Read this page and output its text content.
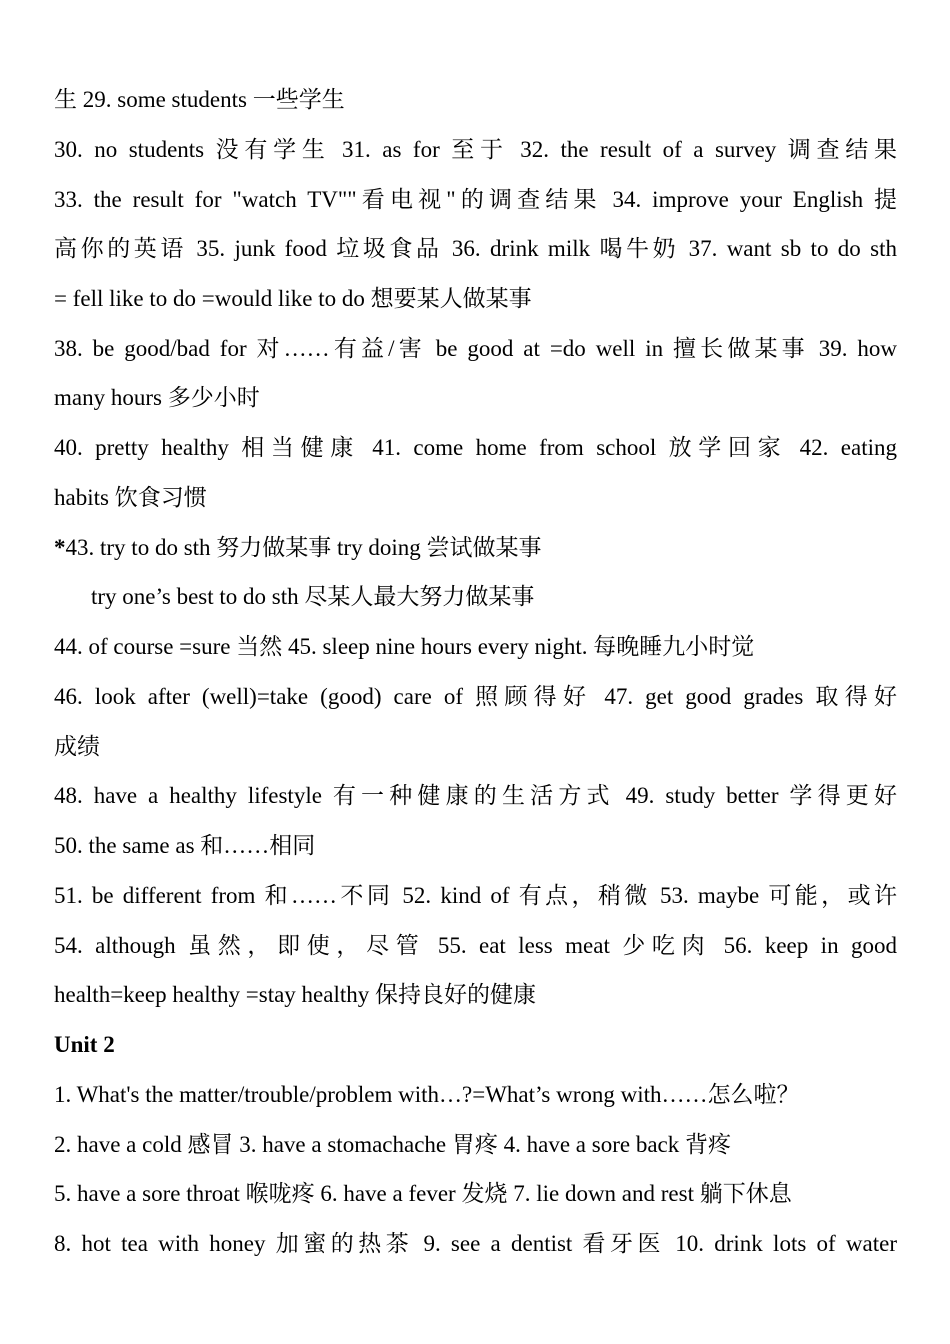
生 29. some students 一些学生
30. no students 没有学生 31. as for 至于 32. the result of a survey 调查结果
33. the result for "watch TV""看电视"的调查结果 34. improve your English 提
高你的英语 35. junk food 垃圾食品 36. drink milk 喝牛奶 37. want sb to do sth
= fell like to do =would like to do 想要某人做某事
38. be good/bad for 对……有益/害 be good at =do well in 擅长做某事 39. how
many hours 多少小时
40. pretty healthy 相当健康 41. come home from school 放学回家 42. eating
habits 饮食习惯
*43. try to do sth 努力做某事 try doing 尝试做某事
try one’s best to do sth 尽某人最大努力做某事
44. of course =sure 当然 45. sleep nine hours every night. 每晚睡九小时觉
46. look after (well)=take (good) care of 照顾得好 47. get good grades 取得好
成绩
48. have a healthy lifestyle 有一种健康的生活方式 49. study better 学得更好
50. the same as 和……相同
51. be different from 和……不同 52. kind of 有点，稍微 53. maybe 可能，或许
54. although 虽然，即使，尽管 55. eat less meat 少吃肉 56. keep in good
health=keep healthy =stay healthy 保持良好的健康
Unit 2
1. What's the matter/trouble/problem with…?=What’s wrong with……怎么啦？
2. have a cold 感冒 3. have a stomachache 胃疼 4. have a sore back 背疼
5. have a sore throat 喉咙疼 6. have a fever 发烧 7. lie down and rest 躺下休息
8. hot tea with honey 加蜜的热茶 9. see a dentist 看牙医 10. drink lots of water
